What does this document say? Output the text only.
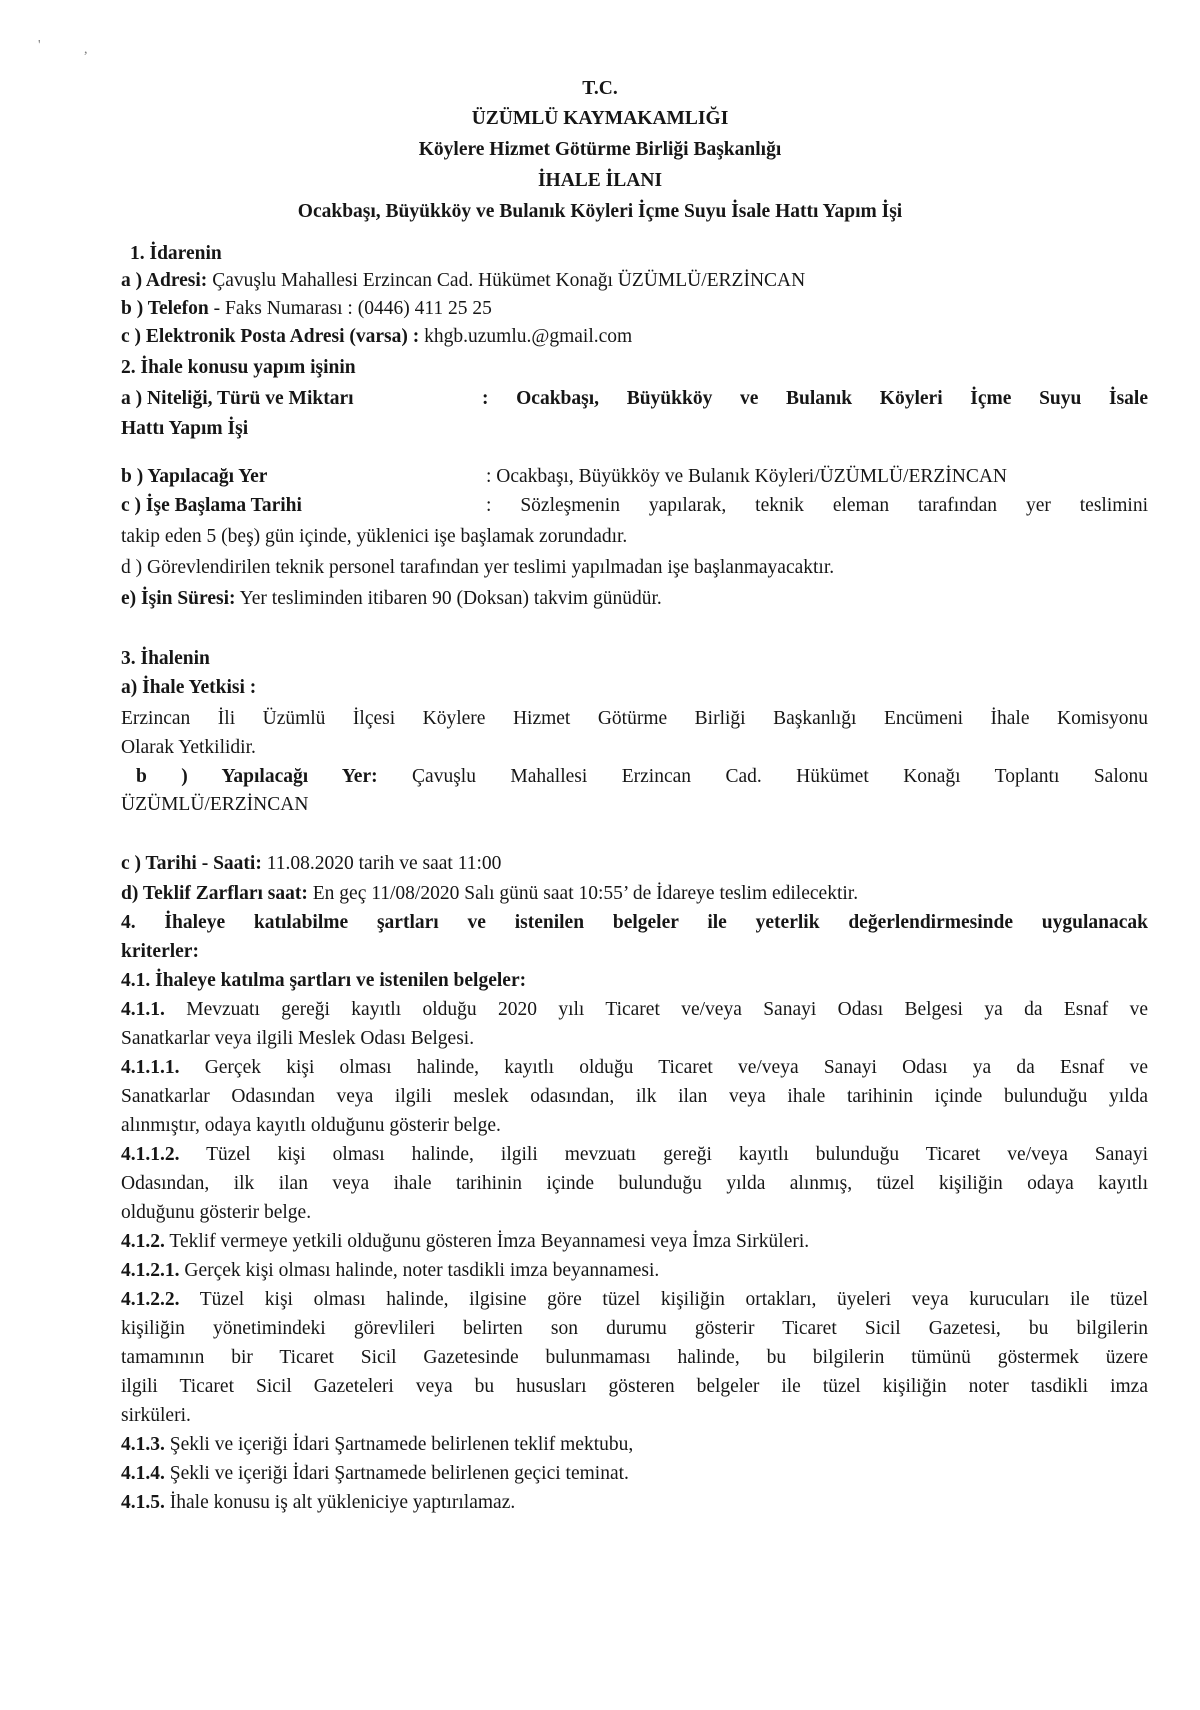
'	,
T.C.
ÜZÜMLÜ KAYMAKAMLIĞI
Köylere Hizmet Götürme Birliği Başkanlığı
İHALE İLANI
Ocakbaşı, Büyükköy ve Bulanık Köyleri İçme Suyu İsale Hattı Yapım İşi
1. İdarenin
a ) Adresi: Çavuşlu Mahallesi Erzincan Cad. Hükümet Konağı ÜZÜMLÜ/ERZİNCAN
b ) Telefon - Faks Numarası : (0446) 411 25 25
c ) Elektronik Posta Adresi (varsa) : khgb.uzumlu.@gmail.com
2. İhale konusu yapım işinin
a ) Niteliği, Türü ve Miktarı	: Ocakbaşı, Büyükköy ve Bulanık Köyleri İçme Suyu İsale
Hattı Yapım İşi
b ) Yapılacağı Yer	: Ocakbaşı, Büyükköy ve Bulanık Köyleri/ÜZÜMLÜ/ERZİNCAN
c ) İşe Başlama Tarihi	: Sözleşmenin yapılarak, teknik eleman tarafından yer teslimini
takip eden 5 (beş) gün içinde, yüklenici işe başlamak zorundadır.
d ) Görevlendirilen teknik personel tarafından yer teslimi yapılmadan işe başlanmayacaktır.
e) İşin Süresi: Yer tesliminden itibaren 90 (Doksan) takvim günüdür.
3. İhalenin
a) İhale Yetkisi :
Erzincan İli Üzümlü İlçesi Köylere Hizmet Götürme Birliği Başkanlığı Encümeni İhale Komisyonu
Olarak Yetkilidir.
b ) Yapılacağı Yer: Çavuşlu Mahallesi Erzincan Cad. Hükümet Konağı Toplantı Salonu
ÜZÜMLÜ/ERZİNCAN
c ) Tarihi - Saati: 11.08.2020 tarih ve saat 11:00
d) Teklif Zarfları saat: En geç 11/08/2020 Salı günü saat 10:55’ de İdareye teslim edilecektir.
4. İhaleye katılabilme şartları ve istenilen belgeler ile yeterlik değerlendirmesinde uygulanacak
kriterler:
4.1. İhaleye katılma şartları ve istenilen belgeler:
4.1.1. Mevzuatı gereği kayıtlı olduğu 2020 yılı Ticaret ve/veya Sanayi Odası Belgesi ya da Esnaf ve
Sanatkarlar veya ilgili Meslek Odası Belgesi.
4.1.1.1. Gerçek kişi olması halinde, kayıtlı olduğu Ticaret ve/veya Sanayi Odası ya da Esnaf ve
Sanatkarlar Odasından veya ilgili meslek odasından, ilk ilan veya ihale tarihinin içinde bulunduğu yılda
alınmıştır, odaya kayıtlı olduğunu gösterir belge.
4.1.1.2. Tüzel kişi olması halinde, ilgili mevzuatı gereği kayıtlı bulunduğu Ticaret ve/veya Sanayi
Odasından, ilk ilan veya ihale tarihinin içinde bulunduğu yılda alınmış, tüzel kişiliğin odaya kayıtlı
olduğunu gösterir belge.
4.1.2. Teklif vermeye yetkili olduğunu gösteren İmza Beyannamesi veya İmza Sirküleri.
4.1.2.1. Gerçek kişi olması halinde, noter tasdikli imza beyannamesi.
4.1.2.2. Tüzel kişi olması halinde, ilgisine göre tüzel kişiliğin ortakları, üyeleri veya kurucuları ile tüzel
kişiliğin yönetimindeki görevlileri belirten son durumu gösterir Ticaret Sicil Gazetesi, bu bilgilerin
tamamının bir Ticaret Sicil Gazetesinde bulunmaması halinde, bu bilgilerin tümünü göstermek üzere
ilgili Ticaret Sicil Gazeteleri veya bu hususları gösteren belgeler ile tüzel kişiliğin noter tasdikli imza
sirküleri.
4.1.3. Şekli ve içeriği İdari Şartnamede belirlenen teklif mektubu,
4.1.4. Şekli ve içeriği İdari Şartnamede belirlenen geçici teminat.
4.1.5. İhale konusu iş alt yükleniciye yaptırılamaz.
